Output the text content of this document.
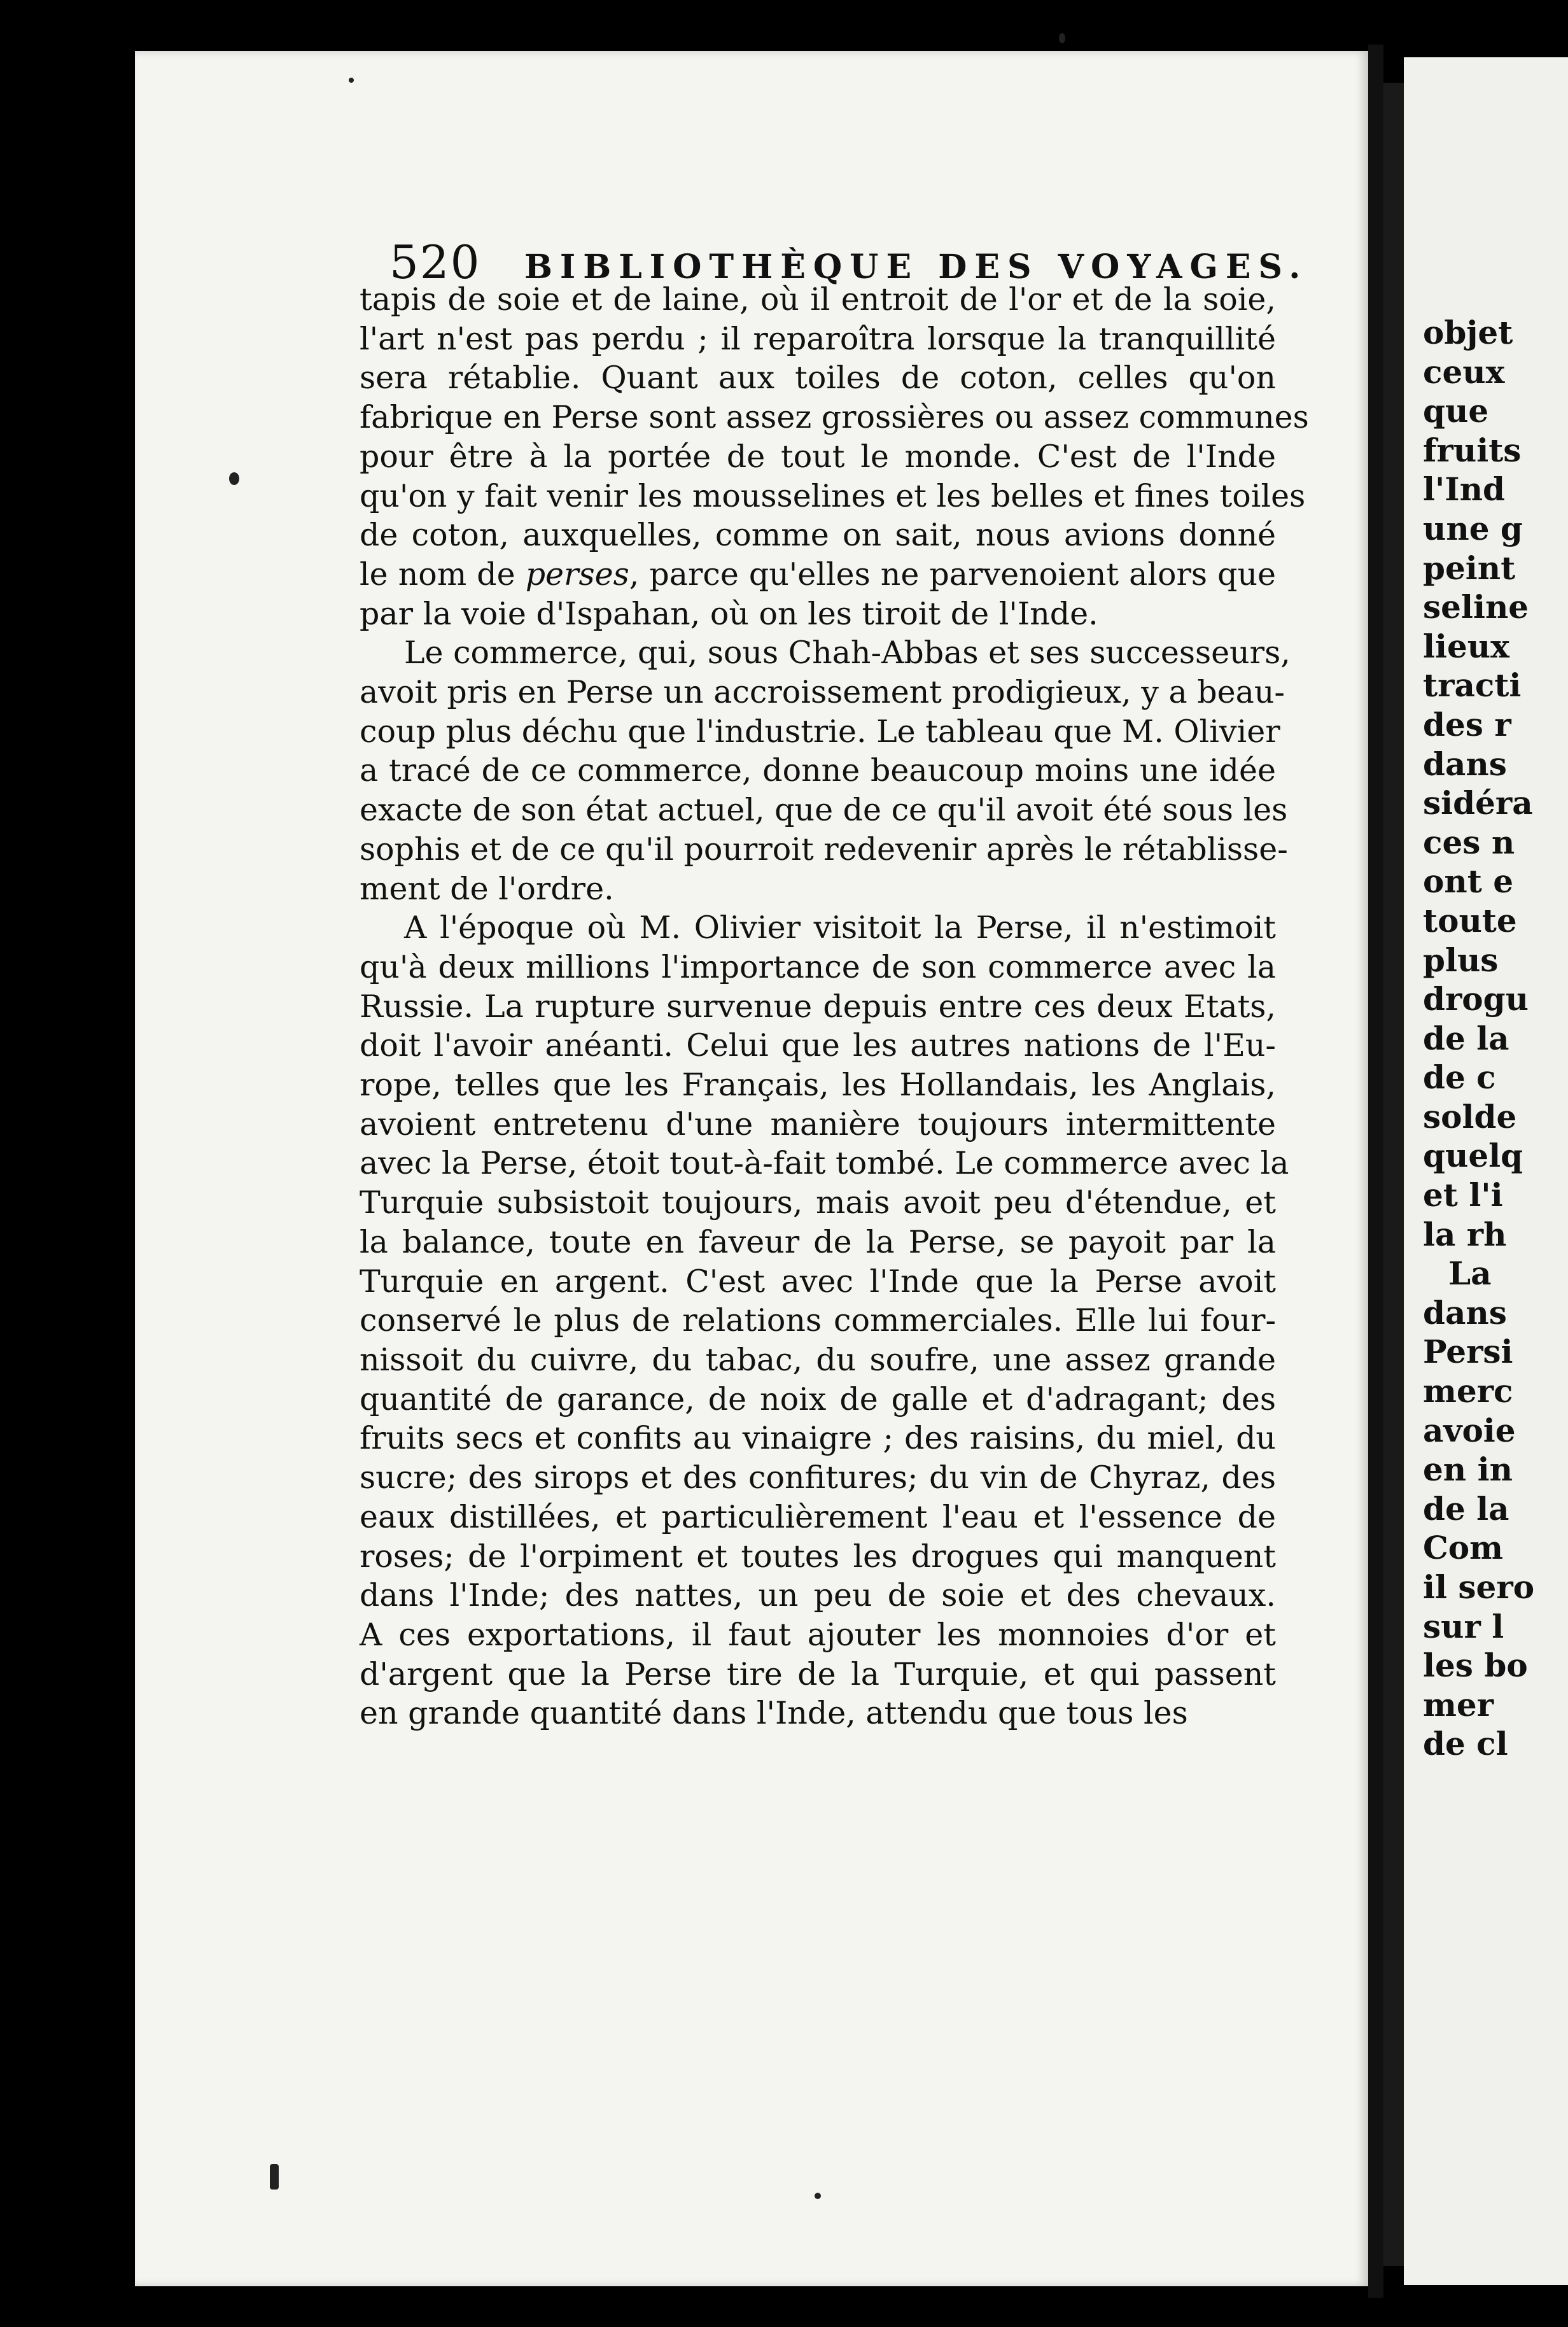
520 BIBLIOTHÈQUE DES VOYAGES.
tapis de soie et de laine, où il entroit de l'or et de la soie,
l'art n'est pas perdu ; il reparoîtra lorsque la tranquillité
sera rétablie. Quant aux toiles de coton, celles qu'on
fabrique en Perse sont assez grossières ou assez communes
pour être à la portée de tout le monde. C'est de l'Inde
qu'on y fait venir les mousselines et les belles et fines toiles
de coton, auxquelles, comme on sait, nous avions donné
le nom de perses, parce qu'elles ne parvenoient alors que
par la voie d'Ispahan, où on les tiroit de l'Inde.
Le commerce, qui, sous Chah-Abbas et ses successeurs,
avoit pris en Perse un accroissement prodigieux, y a beau-
coup plus déchu que l'industrie. Le tableau que M. Olivier
a tracé de ce commerce, donne beaucoup moins une idée
exacte de son état actuel, que de ce qu'il avoit été sous les
sophis et de ce qu'il pourroit redevenir après le rétablisse-
ment de l'ordre.
A l'époque où M. Olivier visitoit la Perse, il n'estimoit
qu'à deux millions l'importance de son commerce avec la
Russie. La rupture survenue depuis entre ces deux Etats,
doit l'avoir anéanti. Celui que les autres nations de l'Eu-
rope, telles que les Français, les Hollandais, les Anglais,
avoient entretenu d'une manière toujours intermittente
avec la Perse, étoit tout-à-fait tombé. Le commerce avec la
Turquie subsistoit toujours, mais avoit peu d'étendue, et
la balance, toute en faveur de la Perse, se payoit par la
Turquie en argent. C'est avec l'Inde que la Perse avoit
conservé le plus de relations commerciales. Elle lui four-
nissoit du cuivre, du tabac, du soufre, une assez grande
quantité de garance, de noix de galle et d'adragant; des
fruits secs et confits au vinaigre ; des raisins, du miel, du
sucre; des sirops et des confitures; du vin de Chyraz, des
eaux distillées, et particulièrement l'eau et l'essence de
roses; de l'orpiment et toutes les drogues qui manquent
dans l'Inde; des nattes, un peu de soie et des chevaux.
A ces exportations, il faut ajouter les monnoies d'or et
d'argent que la Perse tire de la Turquie, et qui passent
en grande quantité dans l'Inde, attendu que tous les
objet
ceux
que
fruits
l'Ind
une g
peint
seline
lieux
tracti
des r
dans
sidéra
ces n
ont e
toute
plus
drogu
de la
de c
solde
quelq
et l'i
la rh
La
dans
Persi
merc
avoie
en in
de la
Com
il sero
sur l
les bo
mer
de cl
